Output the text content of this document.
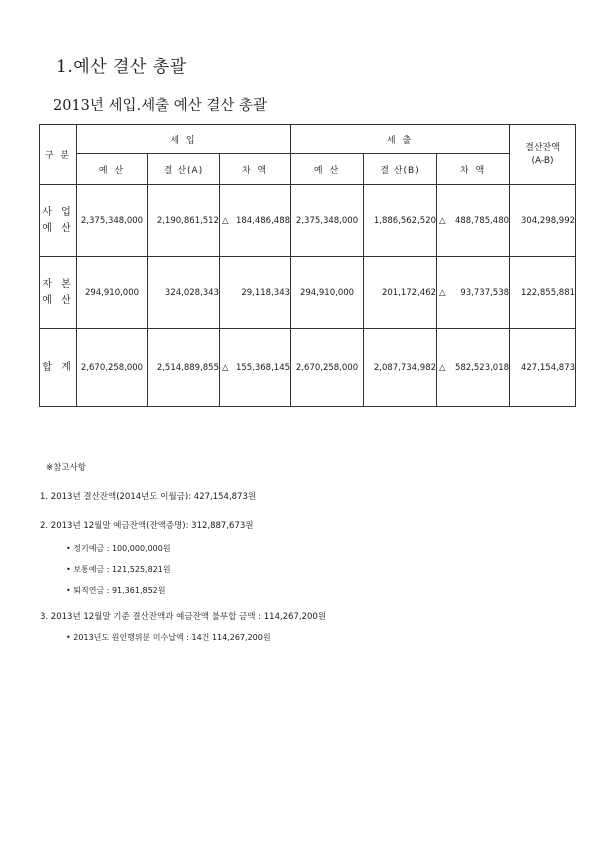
1.예산 결산 총괄
2013년 세입.세출 예산 결산 총괄
구 분	세 입			세 출			결산잔액
(A-B)
	예 산	결 산(A)	차 액	예 산	결 산(B)	차 액	
사 업
예 산	2,375,348,000	2,190,861,512	△ 184,486,488	2,375,348,000	1,886,562,520	△ 488,785,480	304,298,992
자 본
예 산	294,910,000	324,028,343	29,118,343	294,910,000	201,172,462	△ 93,737,538	122,855,881
합 계	2,670,258,000	2,514,889,855	△ 155,368,145	2,670,258,000	2,087,734,982	△ 582,523,018	427,154,873
※참고사항
1. 2013년 결산잔액(2014년도 이월금): 427,154,873원
2. 2013년 12월말 예금잔액(잔액증명): 312,887,673원
• 정기예금 : 100,000,000원
• 보통예금 : 121,525,821원
• 퇴직연금 : 91,361,852원
3. 2013년 12월말 기준 결산잔액과 예금잔액 불부합 금액 : 114,267,200원
• 2013년도 원인행위분 미수납액 : 14건 114,267,200원
